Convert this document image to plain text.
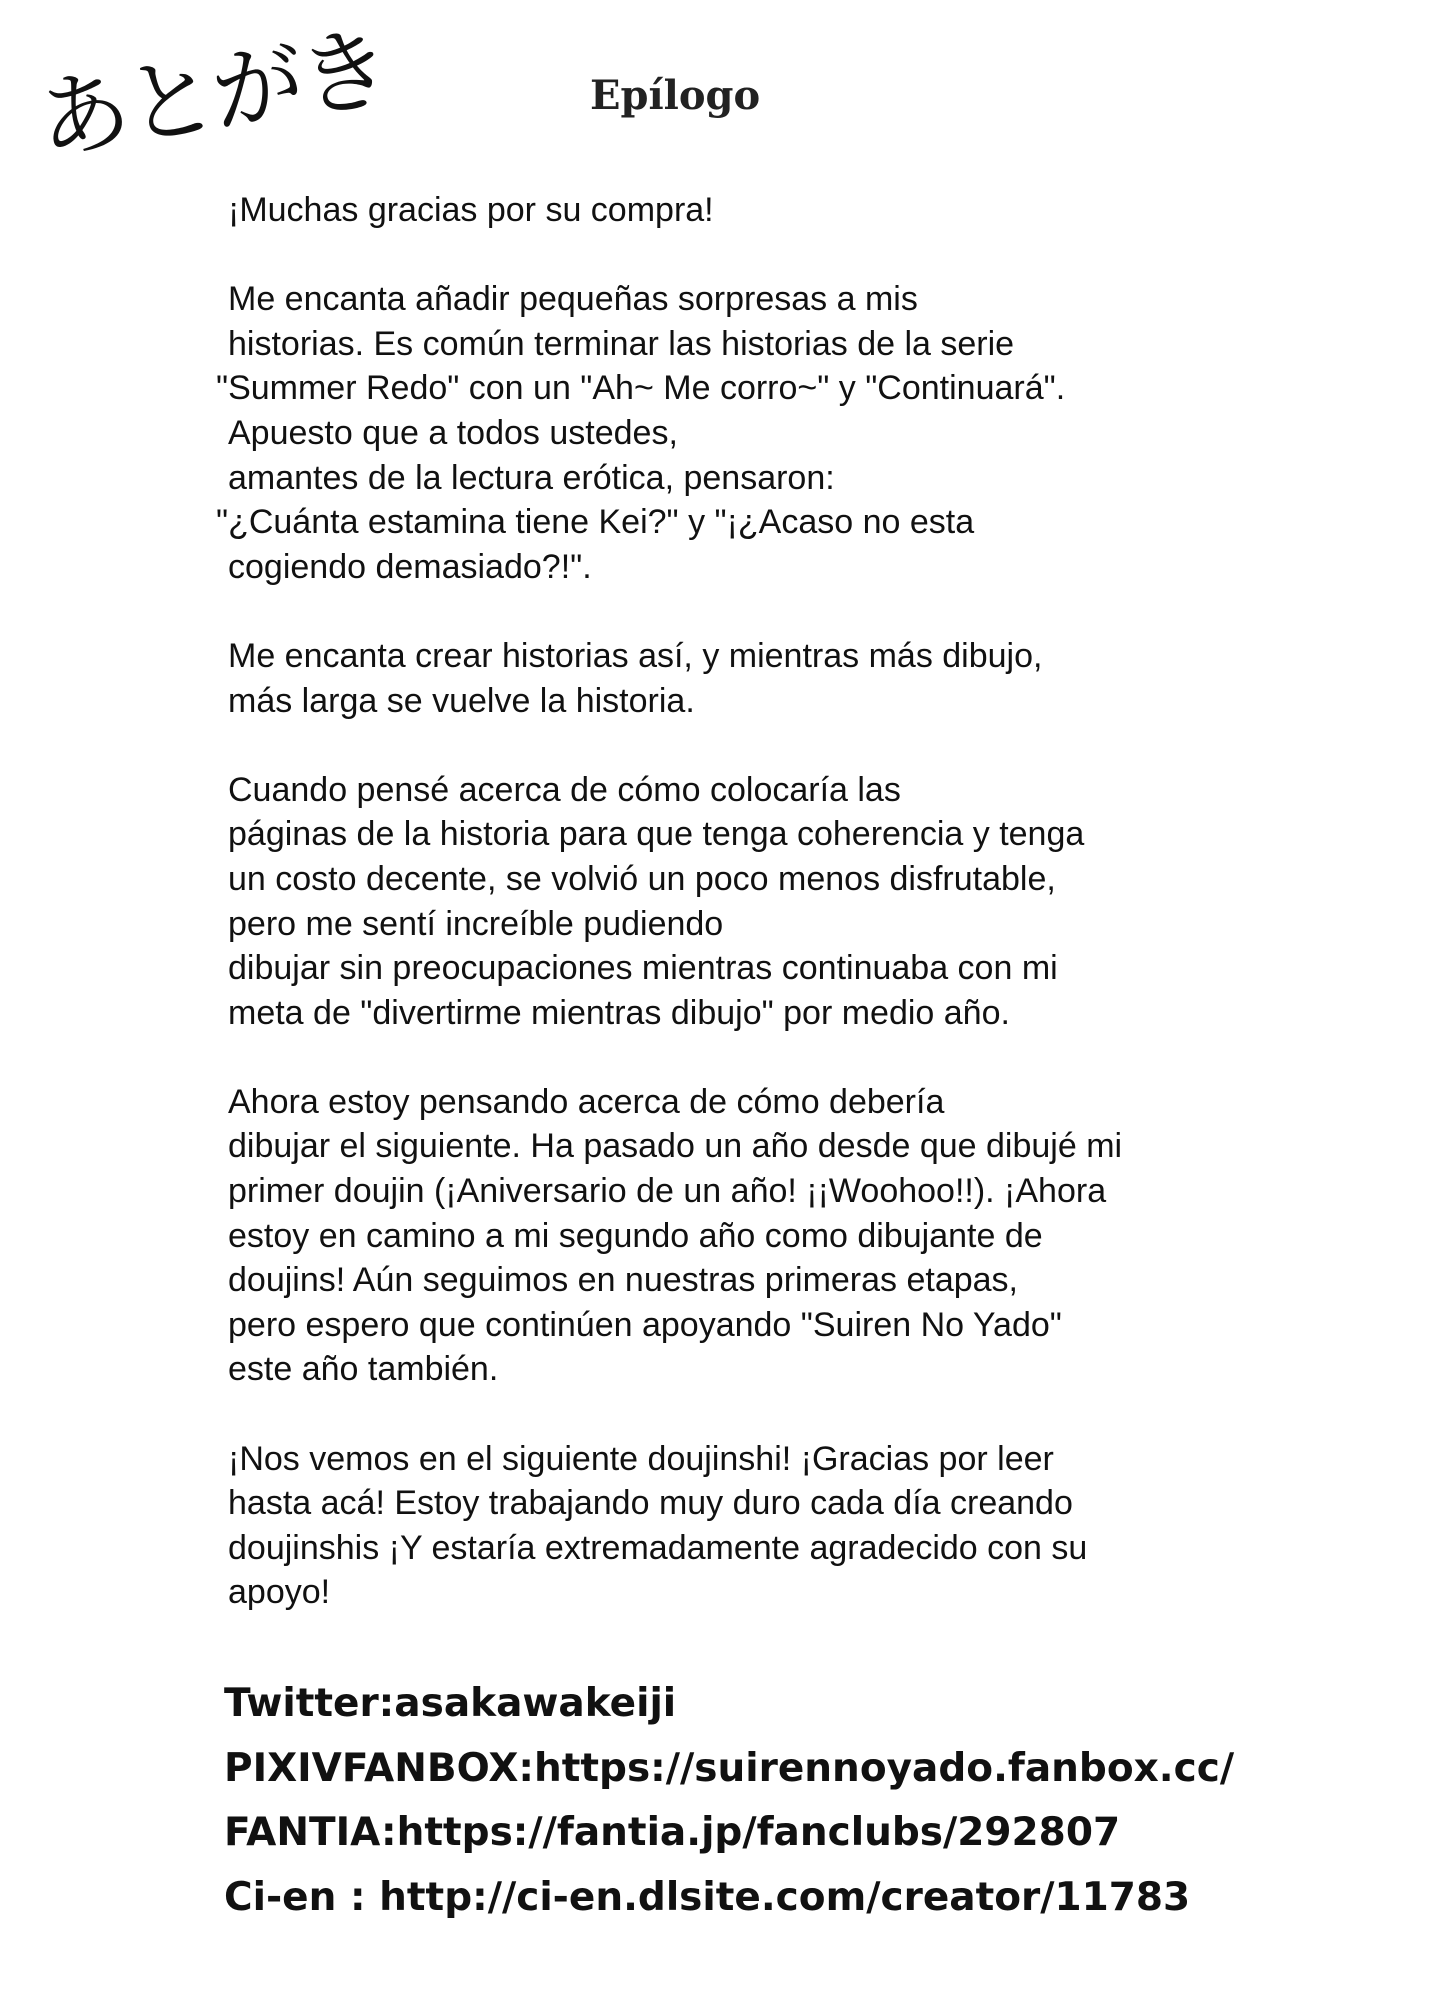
あとがき	Epílogo

¡Muchas gracias por su compra!

Me encanta añadir pequeñas sorpresas a mis
historias. Es común terminar las historias de la serie
"Summer Redo" con un "Ah~ Me corro~" y "Continuará".
Apuesto que a todos ustedes,
amantes de la lectura erótica, pensaron:
"¿Cuánta estamina tiene Kei?" y "¡¿Acaso no esta
cogiendo demasiado?!".

Me encanta crear historias así, y mientras más dibujo,
más larga se vuelve la historia.

Cuando pensé acerca de cómo colocaría las
páginas de la historia para que tenga coherencia y tenga
un costo decente, se volvió un poco menos disfrutable,
pero me sentí increíble pudiendo
dibujar sin preocupaciones mientras continuaba con mi
meta de "divertirme mientras dibujo" por medio año.

Ahora estoy pensando acerca de cómo debería
dibujar el siguiente. Ha pasado un año desde que dibujé mi
primer doujin (¡Aniversario de un año! ¡¡Woohoo!!). ¡Ahora
estoy en camino a mi segundo año como dibujante de
doujins! Aún seguimos en nuestras primeras etapas,
pero espero que continúen apoyando "Suiren No Yado"
este año también.

¡Nos vemos en el siguiente doujinshi! ¡Gracias por leer
hasta acá! Estoy trabajando muy duro cada día creando
doujinshis ¡Y estaría extremadamente agradecido con su
apoyo!

Twitter:asakawakeiji
PIXIVFANBOX:https://suirennoyado.fanbox.cc/
FANTIA:https://fantia.jp/fanclubs/292807
Ci-en : http://ci-en.dlsite.com/creator/11783
